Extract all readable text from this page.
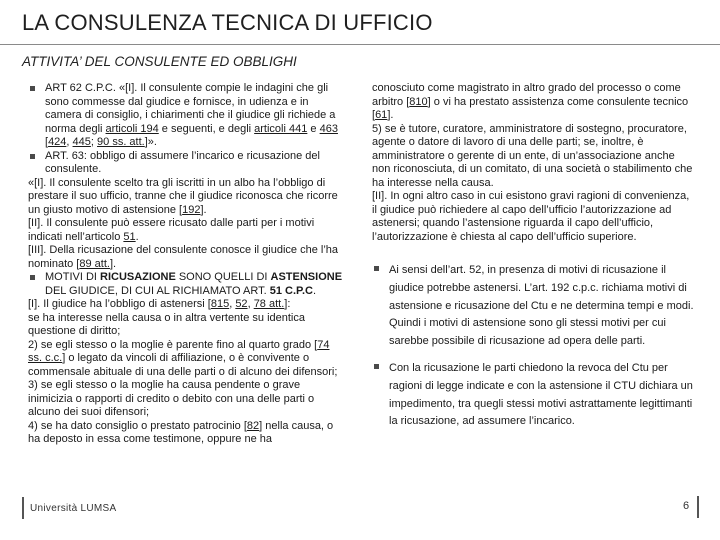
LA CONSULENZA TECNICA DI UFFICIO
ATTIVITA’ DEL CONSULENTE ED OBBLIGHI
ART 62 C.P.C. «[I]. Il consulente compie le indagini che gli sono commesse dal giudice e fornisce, in udienza e in camera di consiglio, i chiarimenti che il giudice gli richiede a norma degli articoli 194 e seguenti, e degli articoli 441 e 463 [424, 445; 90 ss. att.]».
ART. 63: obbligo di assumere l’incarico e ricusazione del consulente.

«[I]. Il consulente scelto tra gli iscritti in un albo ha l’obbligo di prestare il suo ufficio, tranne che il giudice riconosca che ricorre un giusto motivo di astensione [192].

[II]. Il consulente può essere ricusato dalle parti per i motivi indicati nell’articolo 51.

[III]. Della ricusazione del consulente conosce il giudice che l’ha nominato [89 att.].

MOTIVI DI RICUSAZIONE SONO QUELLI DI ASTENSIONE DEL GIUDICE, DI CUI AL RICHIAMATO ART. 51 C.P.C.

[I]. Il giudice ha l’obbligo di astenersi [815, 52, 78 att.]:

se ha interesse nella causa o in altra vertente su identica questione di diritto;

2) se egli stesso o la moglie è parente fino al quarto grado [74 ss. c.c.] o legato da vincoli di affiliazione, o è convivente o commensale abituale di una delle parti o di alcuno dei difensori;

3) se egli stesso o la moglie ha causa pendente o grave inimicizia o rapporti di credito o debito con una delle parti o alcuno dei suoi difensori;

4) se ha dato consiglio o prestato patrocinio [82] nella causa, o ha deposto in essa come testimone, oppure ne ha

conosciuto come magistrato in altro grado del processo o come arbitro [810] o vi ha prestato assistenza come consulente tecnico [61].

5) se è tutore, curatore, amministratore di sostegno, procuratore, agente o datore di lavoro di una delle parti; se, inoltre, è amministratore o gerente di un ente, di un’associazione anche non riconosciuta, di un comitato, di una società o stabilimento che ha interesse nella causa.

[II]. In ogni altro caso in cui esistono gravi ragioni di convenienza, il giudice può richiedere al capo dell’ufficio l’autorizzazione ad astenersi; quando l’astensione riguarda il capo dell’ufficio, l’autorizzazione è chiesta al capo dell’ufficio superiore.

Ai sensi dell’art. 52, in presenza di motivi di ricusazione il giudice potrebbe astenersi. L’art. 192 c.p.c. richiama motivi di astensione e ricusazione del Ctu e ne determina tempi e modi. Quindi i motivi di astensione sono gli stessi motivi per cui sarebbe possibile di ricusazione ad opera delle parti.
Con la ricusazione le parti chiedono la revoca del Ctu per ragioni di legge indicate e con la astensione il CTU dichiara un impedimento, tra quegli stessi motivi astrattamente legittimanti la ricusazione, ad assumere l’incarico.
Università LUMSA	6
